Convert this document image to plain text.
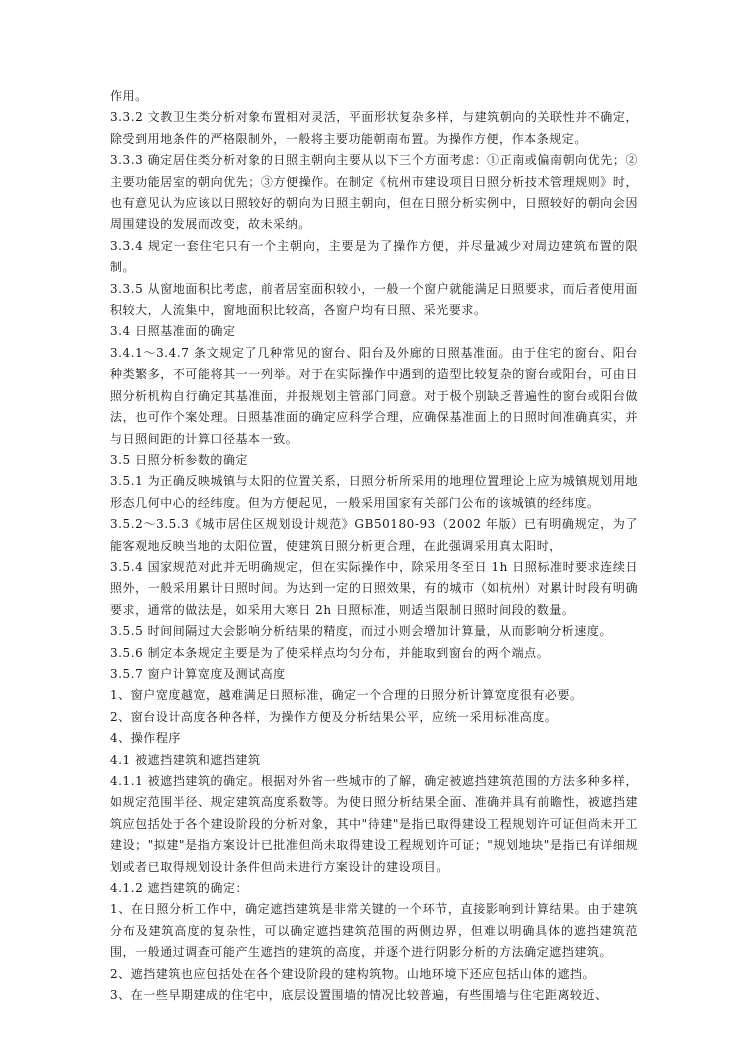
作用。

3.3.2 文教卫生类分析对象布置相对灵活，平面形状复杂多样，与建筑朝向的关联性并不确定，除受到用地条件的严格限制外，一般将主要功能朝南布置。为操作方便，作本条规定。

3.3.3 确定居住类分析对象的日照主朝向主要从以下三个方面考虑：①正南或偏南朝向优先；②主要功能居室的朝向优先；③方便操作。在制定《杭州市建设项目日照分析技术管理规则》时，也有意见认为应该以日照较好的朝向为日照主朝向，但在日照分析实例中，日照较好的朝向会因周围建设的发展而改变，故未采纳。

3.3.4 规定一套住宅只有一个主朝向，主要是为了操作方便，并尽量减少对周边建筑布置的限制。

3.3.5 从窗地面积比考虑，前者居室面积较小，一般一个窗户就能满足日照要求，而后者使用面积较大，人流集中，窗地面积比较高，各窗户均有日照、采光要求。

3.4 日照基准面的确定

3.4.1～3.4.7 条文规定了几种常见的窗台、阳台及外廊的日照基准面。由于住宅的窗台、阳台种类繁多，不可能将其一一列举。对于在实际操作中遇到的造型比较复杂的窗台或阳台，可由日照分析机构自行确定其基准面，并报规划主管部门同意。对于极个别缺乏普遍性的窗台或阳台做法，也可作个案处理。日照基准面的确定应科学合理，应确保基准面上的日照时间准确真实，并与日照间距的计算口径基本一致。

3.5 日照分析参数的确定

3.5.1 为正确反映城镇与太阳的位置关系，日照分析所采用的地理位置理论上应为城镇规划用地形态几何中心的经纬度。但为方便起见，一般采用国家有关部门公布的该城镇的经纬度。

3.5.2～3.5.3《城市居住区规划设计规范》GB50180-93（2002 年版）已有明确规定，为了能客观地反映当地的太阳位置，使建筑日照分析更合理，在此强调采用真太阳时，

3.5.4 国家规范对此并无明确规定，但在实际操作中，除采用冬至日 1h 日照标准时要求连续日照外，一般采用累计日照时间。为达到一定的日照效果，有的城市（如杭州）对累计时段有明确要求，通常的做法是，如采用大寒日 2h 日照标准，则适当限制日照时间段的数量。

3.5.5 时间间隔过大会影响分析结果的精度，而过小则会增加计算量，从而影响分析速度。

3.5.6 制定本条规定主要是为了使采样点均匀分布，并能取到窗台的两个端点。

3.5.7 窗户计算宽度及测试高度

1、窗户宽度越宽，越难满足日照标准，确定一个合理的日照分析计算宽度很有必要。

2、窗台设计高度各种各样，为操作方便及分析结果公平，应统一采用标准高度。

4、操作程序

4.1 被遮挡建筑和遮挡建筑

4.1.1 被遮挡建筑的确定。根据对外省一些城市的了解，确定被遮挡建筑范围的方法多种多样，如规定范围半径、规定建筑高度系数等。为使日照分析结果全面、准确并具有前瞻性，被遮挡建筑应包括处于各个建设阶段的分析对象，其中"待建"是指已取得建设工程规划许可证但尚未开工建设；"拟建"是指方案设计已批准但尚未取得建设工程规划许可证；"规划地块"是指已有详细规划或者已取得规划设计条件但尚未进行方案设计的建设项目。

4.1.2 遮挡建筑的确定：

1、在日照分析工作中，确定遮挡建筑是非常关键的一个环节，直接影响到计算结果。由于建筑分布及建筑高度的复杂性，可以确定遮挡建筑范围的两侧边界，但难以明确具体的遮挡建筑范围，一般通过调查可能产生遮挡的建筑的高度，并逐个进行阴影分析的方法确定遮挡建筑。

2、遮挡建筑也应包括处在各个建设阶段的建构筑物。山地环境下还应包括山体的遮挡。

3、在一些早期建成的住宅中，底层设置围墙的情况比较普遍，有些围墙与住宅距离较近、
